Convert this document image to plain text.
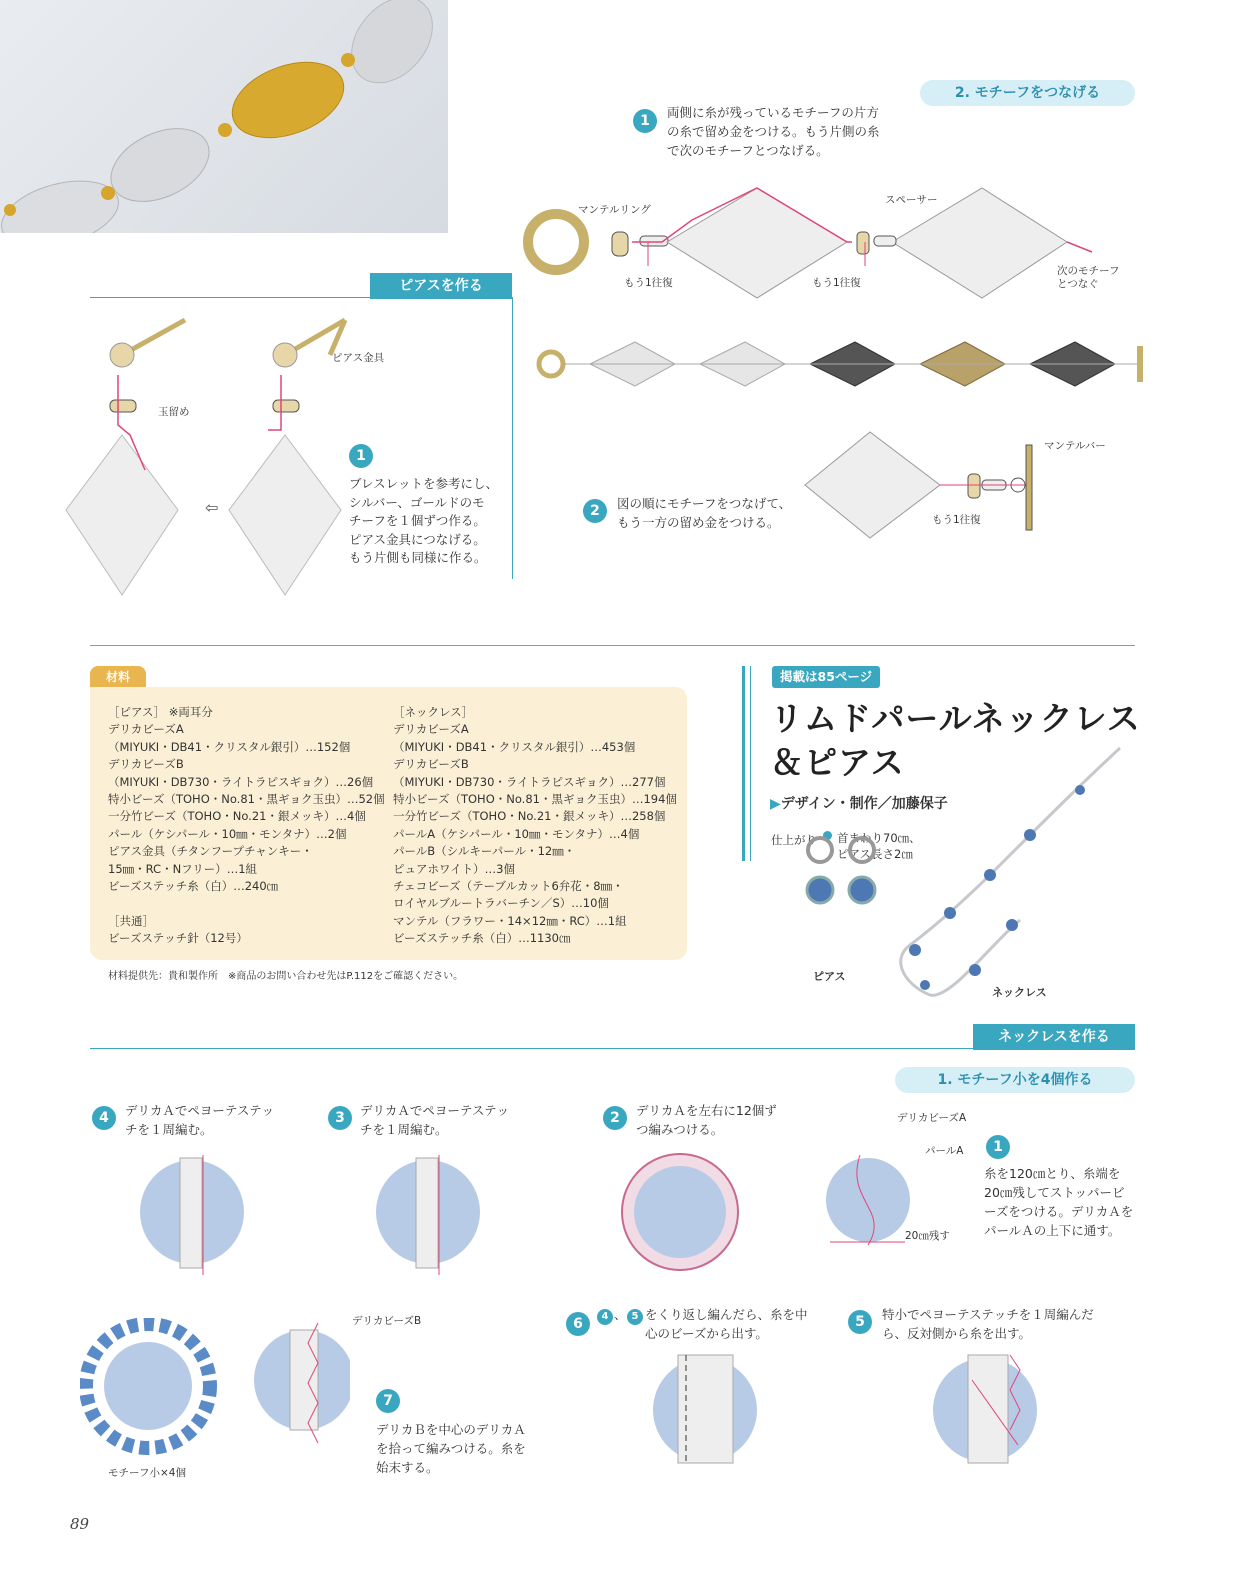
2. モチーフをつなげる
1
両側に糸が残っているモチーフの片方
の糸で留め金をつける。もう片側の糸
で次のモチーフとつなげる。
マンテルリング
スペーサー
もう1往復	もう1往復
次のモチーフ
とつなぐ
2	図の順にモチーフをつなげて、
もう一方の留め金をつける。
マンテルバー
もう1往復
ピアスを作る
⇦
玉留め
ピアス金具
1
ブレスレットを参考にし、
シルバー、ゴールドのモ
チーフを１個ずつ作る。
ピアス金具につなげる。
もう片側も同様に作る。
材料
［ピアス］ ※両耳分
デリカビーズA
（MIYUKI・DB41・クリスタル銀引）…152個
デリカビーズB
（MIYUKI・DB730・ライトラピスギョク）…26個
特小ビーズ（TOHO・No.81・黒ギョク玉虫）…52個
一分竹ビーズ（TOHO・No.21・銀メッキ）…4個
パール（ケシパール・10㎜・モンタナ）…2個
ピアス金具（チタンフープチャンキー・
15㎜・RC・Nフリー）…1組
ビーズステッチ糸（白）…240㎝

［共通］
ビーズステッチ針（12号）
［ネックレス］
デリカビーズA
（MIYUKI・DB41・クリスタル銀引）…453個
デリカビーズB
（MIYUKI・DB730・ライトラピスギョク）…277個
特小ビーズ（TOHO・No.81・黒ギョク玉虫）…194個
一分竹ビーズ（TOHO・No.21・銀メッキ）…258個
パールA（ケシパール・10㎜・モンタナ）…4個
パールB（シルキーパール・12㎜・
ピュアホワイト）…3個
チェコビーズ（テーブルカット6弁花・8㎜・
ロイヤルブルートラバーチン／S）…10個
マンテル（フラワー・14×12㎜・RC）…1組
ビーズステッチ糸（白）…1130㎝
材料提供先：貴和製作所　※商品のお問い合わせ先はP.112をご確認ください。
掲載は85ページ
リムドパールネックレス
＆ピアス
▶デザイン・制作／加藤保子
仕上がり 首まわり70㎝、
ピアス長さ2㎝
ピアス
ネックレス
ネックレスを作る
1. モチーフ小を4個作る
4	デリカＡでペヨーテステッ
チを１周編む。
3	デリカＡでペヨーテステッ
チを１周編む。
2	デリカＡを左右に12個ず
つ編みつける。
1
糸を120㎝とり、糸端を
20㎝残してストッパービ
ーズをつける。デリカＡを
パールＡの上下に通す。
デリカビーズA
パールA
20㎝残す
モチーフ小×4個
デリカビーズB
7
デリカＢを中心のデリカＡ
を拾って編みつける。糸を
始末する。
6	4 、 5 をくり返し編んだら、糸を中
心のビーズから出す。
5	特小でペヨーテステッチを１周編んだ
ら、反対側から糸を出す。
89
